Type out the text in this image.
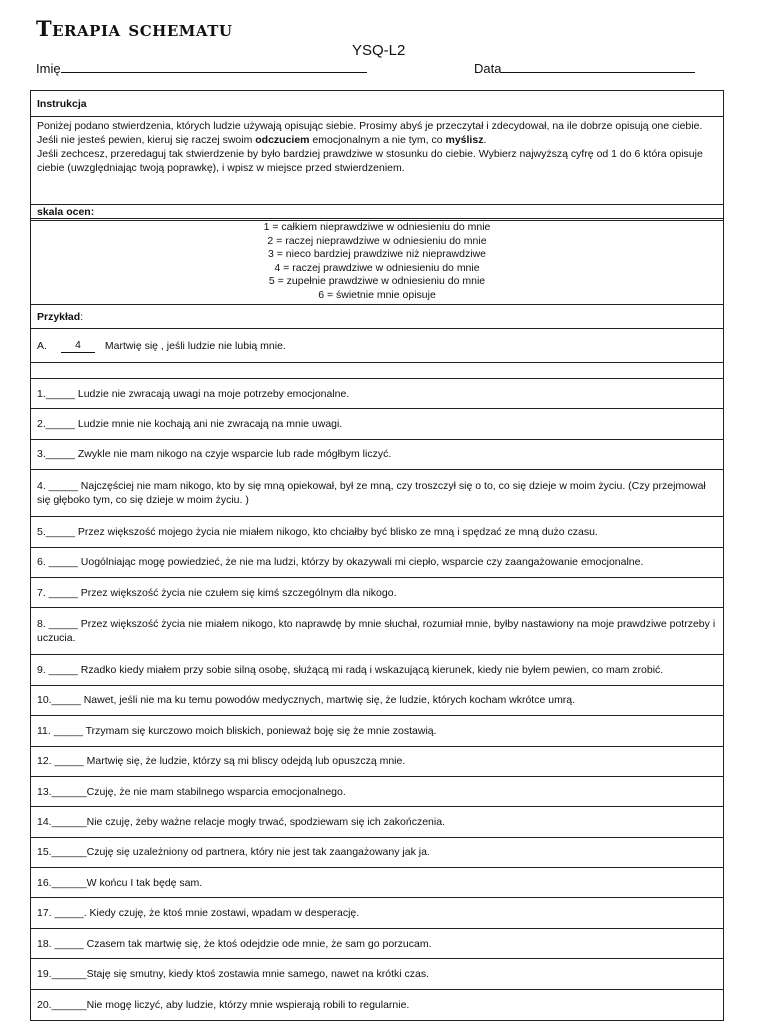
Terapia schematu
YSQ-L2
Imię	Data
Instrukcja
Poniżej podano stwierdzenia, których ludzie używają opisując siebie. Prosimy abyś je przeczytał i zdecydował, na ile dobrze opisują one ciebie.
Jeśli nie jesteś pewien, kieruj się raczej swoim odczuciem emocjonalnym a nie tym, co myślisz.
Jeśli zechcesz, przeredaguj tak stwierdzenie by było bardziej prawdziwe w stosunku do ciebie. Wybierz najwyższą cyfrę od 1 do 6 która opisuje ciebie (uwzględniając twoją poprawkę), i wpisz w miejsce przed stwierdzeniem.
skala ocen:
1 = całkiem nieprawdziwe w odniesieniu do mnie
2 = raczej nieprawdziwe w odniesieniu do mnie
3 = nieco bardziej prawdziwe niż nieprawdziwe
4 = raczej prawdziwe w odniesieniu do mnie
5 = zupełnie prawdziwe w odniesieniu do mnie
6 = świetnie mnie opisuje
Przykład :
A.	4	Martwię się , jeśli ludzie nie lubią mnie.
1._____ Ludzie nie zwracają uwagi na moje potrzeby emocjonalne.
2._____ Ludzie mnie nie kochają ani nie zwracają na mnie uwagi.
3._____ Zwykle nie mam nikogo na czyje wsparcie lub rade mógłbym liczyć.
4. _____ Najczęściej nie mam nikogo, kto by się mną opiekował, był ze mną, czy troszczył się o to, co się dzieje w moim życiu. (Czy przejmował się głęboko tym, co się dzieje w moim życiu. )
5._____ Przez większość mojego życia nie miałem nikogo, kto chciałby być blisko ze mną i spędzać ze mną dużo czasu.
6. _____ Uogólniając mogę powiedzieć, że nie ma ludzi, którzy by okazywali mi ciepło, wsparcie czy zaangażowanie emocjonalne.
7. _____ Przez większość życia nie czułem się kimś szczególnym dla nikogo.
8. _____ Przez większość życia nie miałem nikogo, kto naprawdę by mnie słuchał, rozumiał mnie, byłby nastawiony na moje prawdziwe potrzeby i uczucia.
9. _____ Rzadko kiedy miałem przy sobie silną osobę, służącą mi radą i wskazującą kierunek, kiedy nie byłem pewien, co mam zrobić.
10._____ Nawet, jeśli nie ma ku temu powodów medycznych, martwię się, że ludzie, których kocham wkrótce umrą.
11. _____ Trzymam się kurczowo moich bliskich, ponieważ boję się że mnie zostawią.
12. _____ Martwię się, że ludzie, którzy są mi bliscy odejdą lub opuszczą mnie.
13.______Czuję, że nie mam stabilnego wsparcia emocjonalnego.
14.______Nie czuję, żeby ważne relacje mogły trwać, spodziewam się ich zakończenia.
15.______Czuję się uzależniony od partnera, który nie jest tak zaangażowany jak ja.
16.______W końcu I tak będę sam.
17. _____. Kiedy czuję, że ktoś mnie zostawi, wpadam w desperację.
18. _____ Czasem tak martwię się, że ktoś odejdzie ode mnie, że sam go porzucam.
19.______Staję się smutny, kiedy ktoś zostawia mnie samego, nawet na krótki czas.
20.______Nie mogę liczyć, aby ludzie, którzy mnie wspierają robili to regularnie.
